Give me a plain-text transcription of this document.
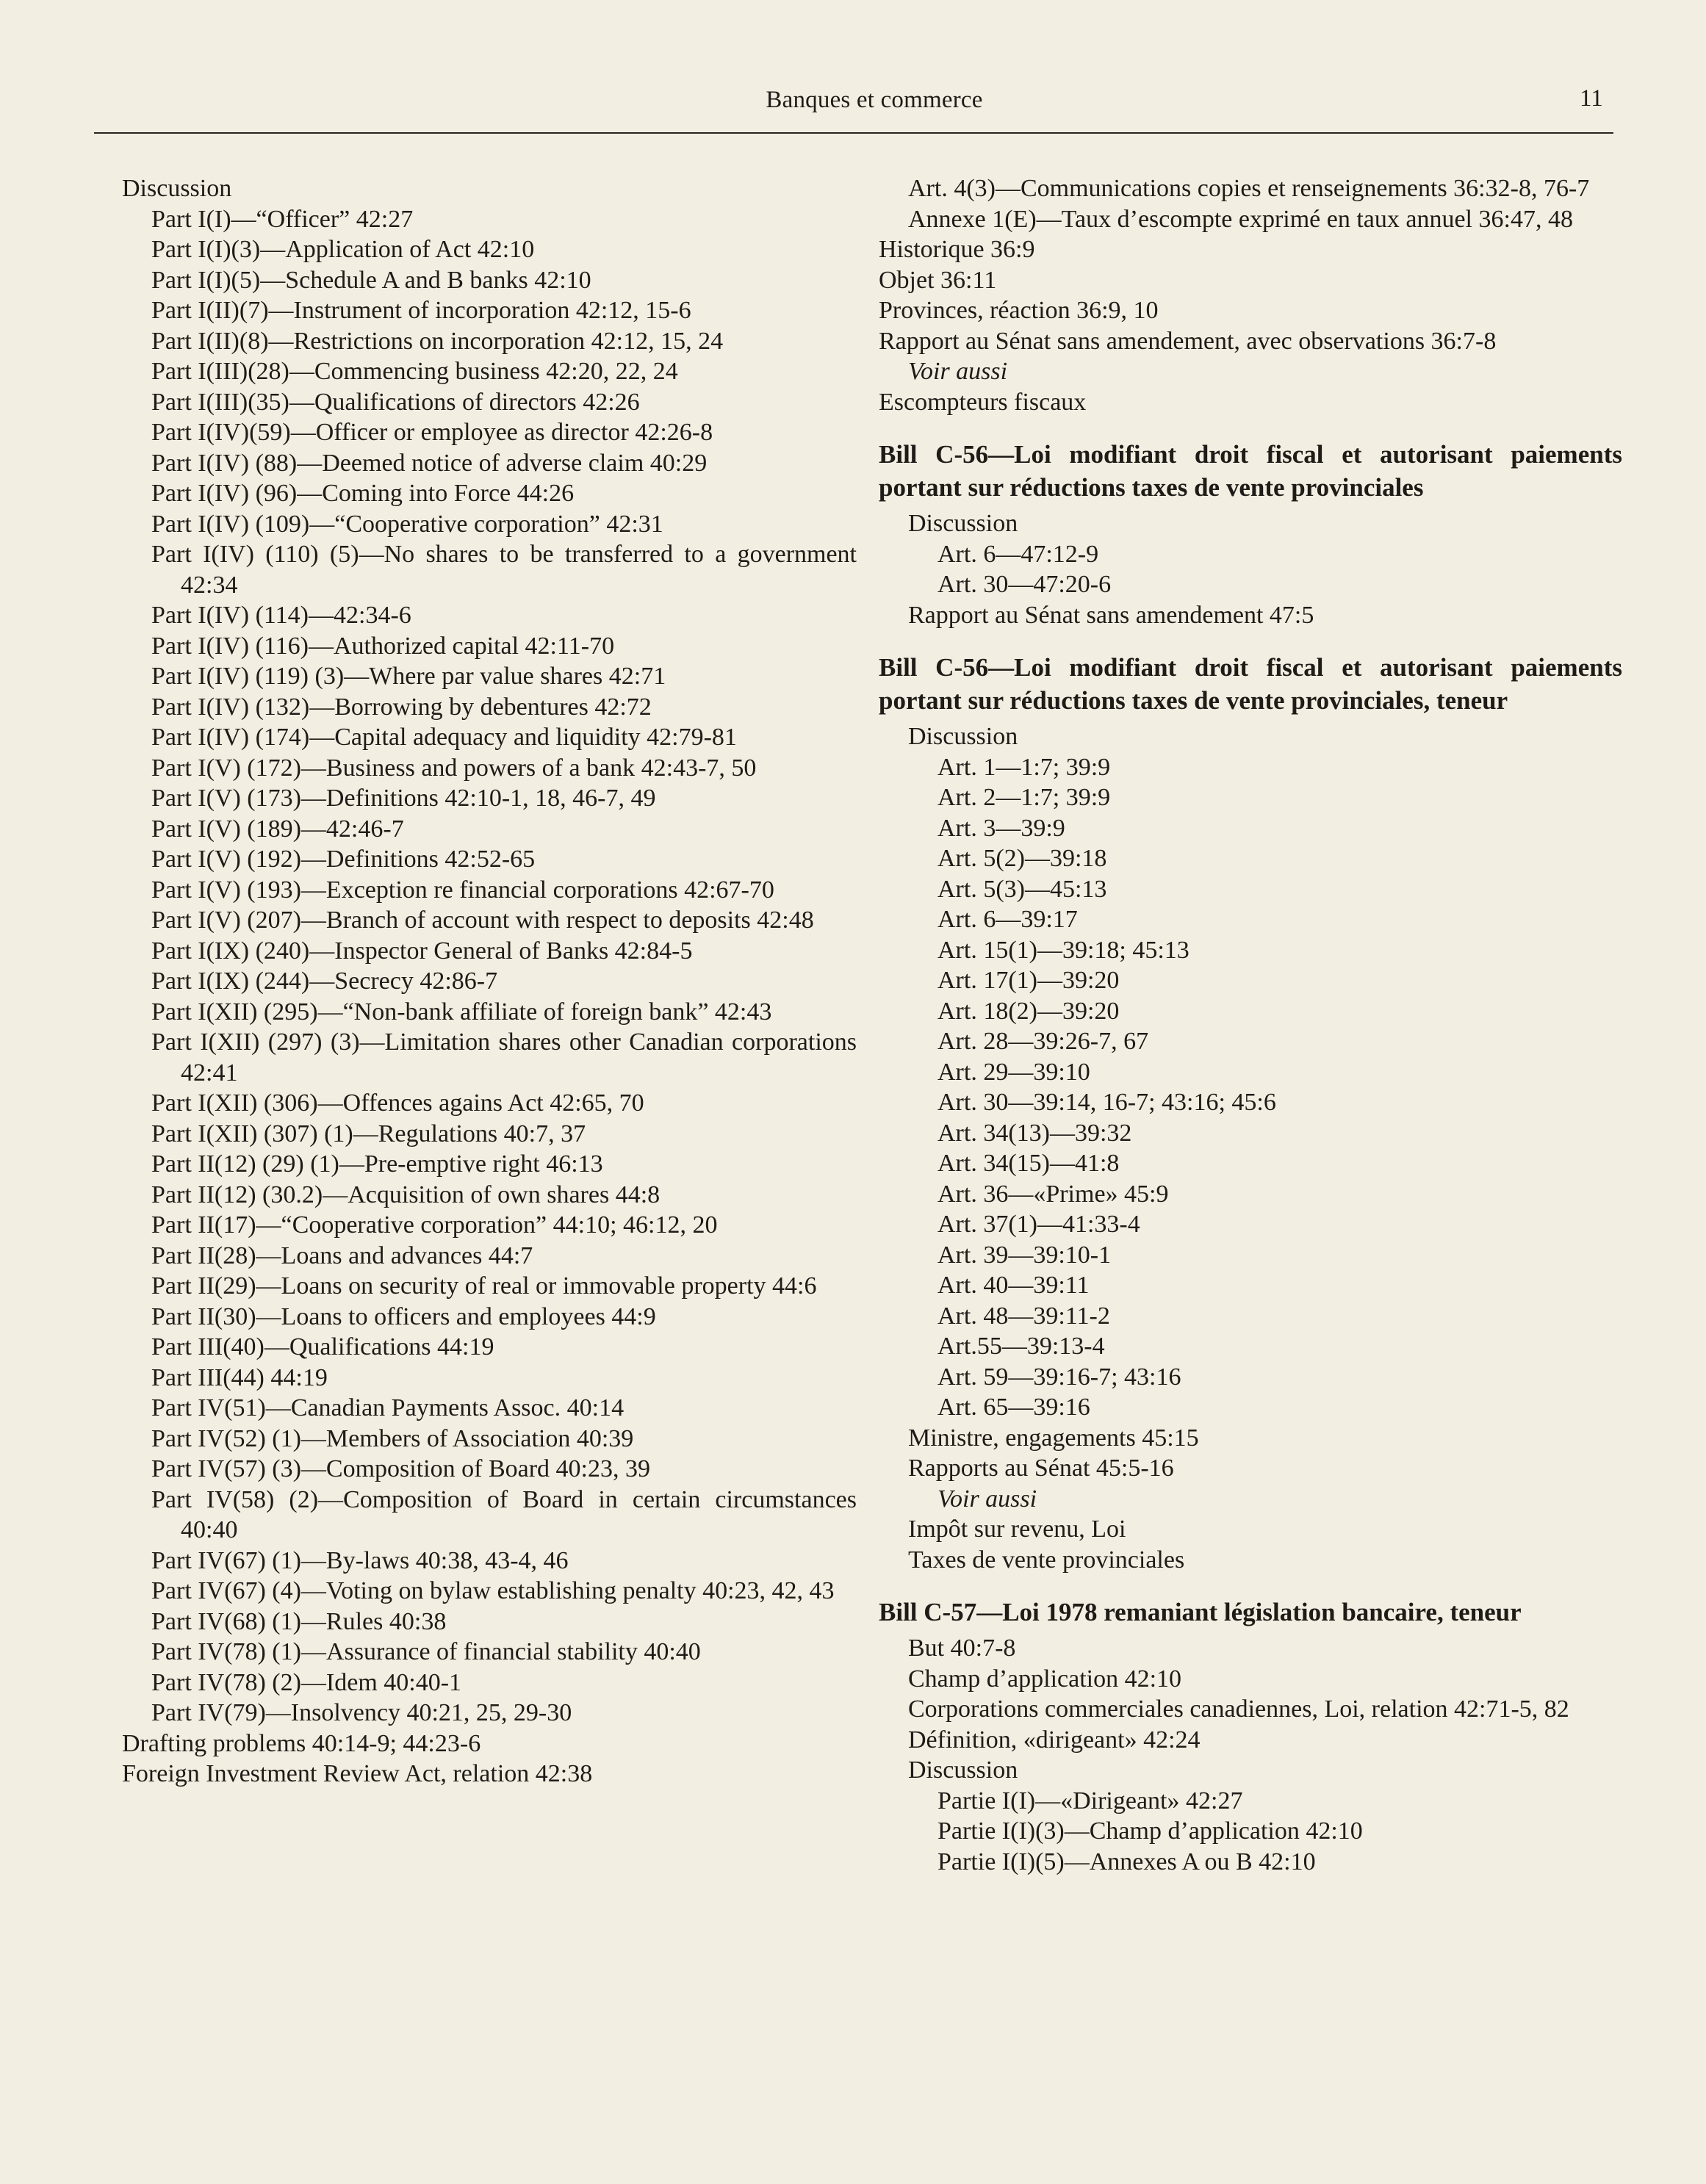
Banques et commerce	11
Discussion
Part I(I)—“Officer” 42:27
Part I(I)(3)—Application of Act 42:10
Part I(I)(5)—Schedule A and B banks 42:10
Part I(II)(7)—Instrument of incorporation 42:12, 15-6
Part I(II)(8)—Restrictions on incorporation 42:12, 15, 24
Part I(III)(28)—Commencing business 42:20, 22, 24
Part I(III)(35)—Qualifications of directors 42:26
Part I(IV)(59)—Officer or employee as director 42:26-8
Part I(IV) (88)—Deemed notice of adverse claim 40:29
Part I(IV) (96)—Coming into Force 44:26
Part I(IV) (109)—“Cooperative corporation” 42:31
Part I(IV) (110) (5)—No shares to be transferred to a government 42:34
Part I(IV) (114)—42:34-6
Part I(IV) (116)—Authorized capital 42:11-70
Part I(IV) (119) (3)—Where par value shares 42:71
Part I(IV) (132)—Borrowing by debentures 42:72
Part I(IV) (174)—Capital adequacy and liquidity 42:79-81
Part I(V) (172)—Business and powers of a bank 42:43-7, 50
Part I(V) (173)—Definitions 42:10-1, 18, 46-7, 49
Part I(V) (189)—42:46-7
Part I(V) (192)—Definitions 42:52-65
Part I(V) (193)—Exception re financial corporations 42:67-70
Part I(V) (207)—Branch of account with respect to deposits 42:48
Part I(IX) (240)—Inspector General of Banks 42:84-5
Part I(IX) (244)—Secrecy 42:86-7
Part I(XII) (295)—“Non-bank affiliate of foreign bank” 42:43
Part I(XII) (297) (3)—Limitation shares other Canadian corporations 42:41
Part I(XII) (306)—Offences agains Act 42:65, 70
Part I(XII) (307) (1)—Regulations 40:7, 37
Part II(12) (29) (1)—Pre-emptive right 46:13
Part II(12) (30.2)—Acquisition of own shares 44:8
Part II(17)—“Cooperative corporation” 44:10; 46:12, 20
Part II(28)—Loans and advances 44:7
Part II(29)—Loans on security of real or immovable property 44:6
Part II(30)—Loans to officers and employees 44:9
Part III(40)—Qualifications 44:19
Part III(44) 44:19
Part IV(51)—Canadian Payments Assoc. 40:14
Part IV(52) (1)—Members of Association 40:39
Part IV(57) (3)—Composition of Board 40:23, 39
Part IV(58) (2)—Composition of Board in certain circumstances 40:40
Part IV(67) (1)—By-laws 40:38, 43-4, 46
Part IV(67) (4)—Voting on bylaw establishing penalty 40:23, 42, 43
Part IV(68) (1)—Rules 40:38
Part IV(78) (1)—Assurance of financial stability 40:40
Part IV(78) (2)—Idem 40:40-1
Part IV(79)—Insolvency 40:21, 25, 29-30
Drafting problems 40:14-9; 44:23-6
Foreign Investment Review Act, relation 42:38
Art. 4(3)—Communications copies et renseignements 36:32-8, 76-7
Annexe 1(E)—Taux d’escompte exprimé en taux annuel 36:47, 48
Historique 36:9
Objet 36:11
Provinces, réaction 36:9, 10
Rapport au Sénat sans amendement, avec observations 36:7-8
Voir aussi
Escompteurs fiscaux
Bill C-56—Loi modifiant droit fiscal et autorisant paiements portant sur réductions taxes de vente provinciales
Discussion
Art. 6—47:12-9
Art. 30—47:20-6
Rapport au Sénat sans amendement 47:5
Bill C-56—Loi modifiant droit fiscal et autorisant paiements portant sur réductions taxes de vente provinciales, teneur
Discussion
Art. 1—1:7; 39:9
Art. 2—1:7; 39:9
Art. 3—39:9
Art. 5(2)—39:18
Art. 5(3)—45:13
Art. 6—39:17
Art. 15(1)—39:18; 45:13
Art. 17(1)—39:20
Art. 18(2)—39:20
Art. 28—39:26-7, 67
Art. 29—39:10
Art. 30—39:14, 16-7; 43:16; 45:6
Art. 34(13)—39:32
Art. 34(15)—41:8
Art. 36—«Prime» 45:9
Art. 37(1)—41:33-4
Art. 39—39:10-1
Art. 40—39:11
Art. 48—39:11-2
Art.55—39:13-4
Art. 59—39:16-7; 43:16
Art. 65—39:16
Ministre, engagements 45:15
Rapports au Sénat 45:5-16
Voir aussi
Impôt sur revenu, Loi
Taxes de vente provinciales
Bill C-57—Loi 1978 remaniant législation bancaire, teneur
But 40:7-8
Champ d’application 42:10
Corporations commerciales canadiennes, Loi, relation 42:71-5, 82
Définition, «dirigeant» 42:24
Discussion
Partie I(I)—«Dirigeant» 42:27
Partie I(I)(3)—Champ d’application 42:10
Partie I(I)(5)—Annexes A ou B 42:10
